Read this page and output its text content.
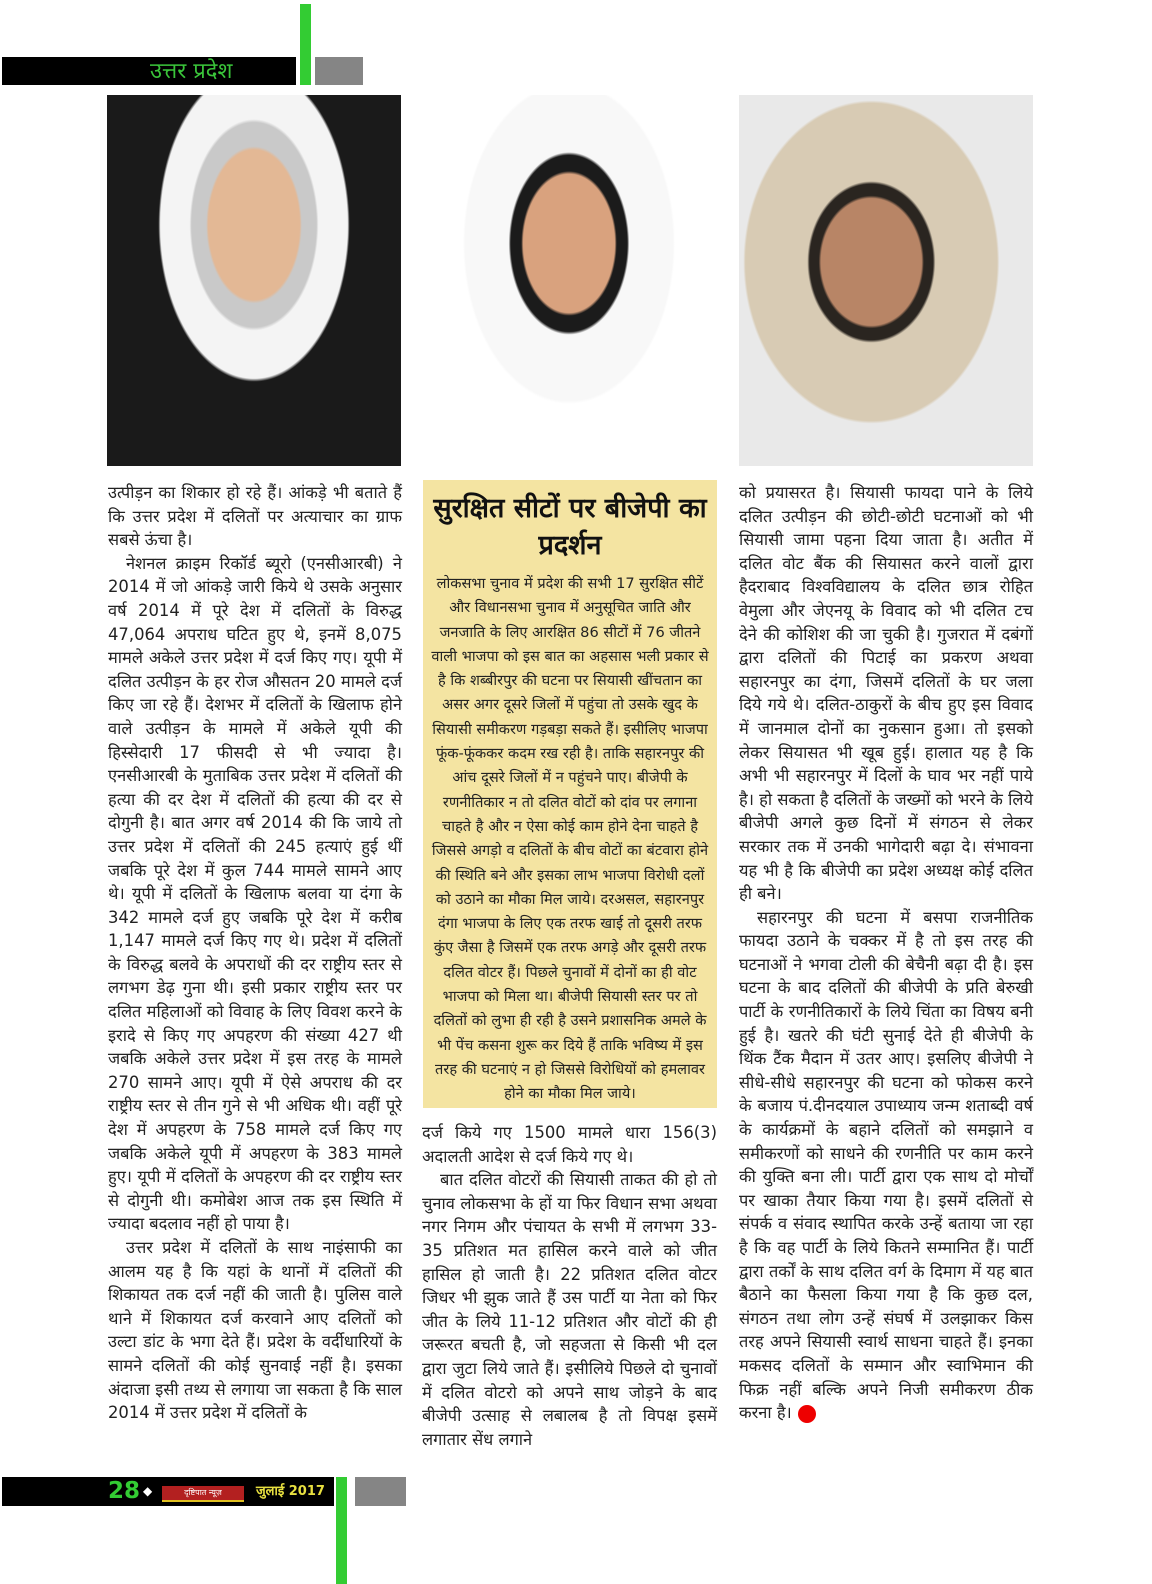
उत्तर प्रदेश

उत्पीड़न का शिकार हो रहे हैं। आंकड़े भी बताते हैं कि उत्तर प्रदेश में दलितों पर अत्याचार का ग्राफ सबसे ऊंचा है।

नेशनल क्राइम रिकॉर्ड ब्यूरो (एनसीआरबी) ने 2014 में जो आंकड़े जारी किये थे उसके अनुसार वर्ष 2014 में पूरे देश में दलितों के विरुद्ध 47,064 अपराध घटित हुए थे, इनमें 8,075 मामले अकेले उत्तर प्रदेश में दर्ज किए गए। यूपी में दलित उत्पीड़न के हर रोज औसतन 20 मामले दर्ज किए जा रहे हैं। देशभर में दलितों के खिलाफ होने वाले उत्पीड़न के मामले में अकेले यूपी की हिस्सेदारी 17 फीसदी से भी ज्यादा है। एनसीआरबी के मुताबिक उत्तर प्रदेश में दलितों की हत्या की दर देश में दलितों की हत्या की दर से दोगुनी है। बात अगर वर्ष 2014 की कि जाये तो उत्तर प्रदेश में दलितों की 245 हत्याएं हुई थीं जबकि पूरे देश में कुल 744 मामले सामने आए थे। यूपी में दलितों के खिलाफ बलवा या दंगा के 342 मामले दर्ज हुए जबकि पूरे देश में करीब 1,147 मामले दर्ज किए गए थे। प्रदेश में दलितों के विरुद्ध बलवे के अपराधों की दर राष्ट्रीय स्तर से लगभग डेढ़ गुना थी। इसी प्रकार राष्ट्रीय स्तर पर दलित महिलाओं को विवाह के लिए विवश करने के इरादे से किए गए अपहरण की संख्या 427 थी जबकि अकेले उत्तर प्रदेश में इस तरह के मामले 270 सामने आए। यूपी में ऐसे अपराध की दर राष्ट्रीय स्तर से तीन गुने से भी अधिक थी। वहीं पूरे देश में अपहरण के 758 मामले दर्ज किए गए जबकि अकेले यूपी में अपहरण के 383 मामले हुए। यूपी में दलितों के अपहरण की दर राष्ट्रीय स्तर से दोगुनी थी। कमोबेश आज तक इस स्थिति में ज्यादा बदलाव नहीं हो पाया है।

उत्तर प्रदेश में दलितों के साथ नाइंसाफी का आलम यह है कि यहां के थानों में दलितों की शिकायत तक दर्ज नहीं की जाती है। पुलिस वाले थाने में शिकायत दर्ज करवाने आए दलितों को उल्टा डांट के भगा देते हैं। प्रदेश के वर्दीधारियों के सामने दलितों की कोई सुनवाई नहीं है। इसका अंदाजा इसी तथ्य से लगाया जा सकता है कि साल 2014 में उत्तर प्रदेश में दलितों के

सुरक्षित सीटों पर बीजेपी का प्रदर्शन

लोकसभा चुनाव में प्रदेश की सभी 17 सुरक्षित सीटें और विधानसभा चुनाव में अनुसूचित जाति और जनजाति के लिए आरक्षित 86 सीटों में 76 जीतने वाली भाजपा को इस बात का अहसास भली प्रकार से है कि शब्बीरपुर की घटना पर सियासी खींचतान का असर अगर दूसरे जिलों में पहुंचा तो उसके खुद के सियासी समीकरण गड़बड़ा सकते हैं। इसीलिए भाजपा फूंक-फूंककर कदम रख रही है। ताकि सहारनपुर की आंच दूसरे जिलों में न पहुंचने पाए। बीजेपी के रणनीतिकार न तो दलित वोटों को दांव पर लगाना चाहते है और न ऐसा कोई काम होने देना चाहते है जिससे अगड़ो व दलितों के बीच वोटों का बंटवारा होने की स्थिति बने और इसका लाभ भाजपा विरोधी दलों को उठाने का मौका मिल जाये। दरअसल, सहारनपुर दंगा भाजपा के लिए एक तरफ खाई तो दूसरी तरफ कुंए जैसा है जिसमें एक तरफ अगड़े और दूसरी तरफ दलित वोटर हैं। पिछले चुनावों में दोनों का ही वोट भाजपा को मिला था। बीजेपी सियासी स्तर पर तो दलितों को लुभा ही रही है उसने प्रशासनिक अमले के भी पेंच कसना शुरू कर दिये हैं ताकि भविष्य में इस तरह की घटनाएं न हो जिससे विरोधियों को हमलावर होने का मौका मिल जाये।

दर्ज किये गए 1500 मामले धारा 156(3) अदालती आदेश से दर्ज किये गए थे।

बात दलित वोटरों की सियासी ताकत की हो तो चुनाव लोकसभा के हों या फिर विधान सभा अथवा नगर निगम और पंचायत के सभी में लगभग 33-35 प्रतिशत मत हासिल करने वाले को जीत हासिल हो जाती है। 22 प्रतिशत दलित वोटर जिधर भी झुक जाते हैं उस पार्टी या नेता को फिर जीत के लिये 11-12 प्रतिशत और वोटों की ही जरूरत बचती है, जो सहजता से किसी भी दल द्वारा जुटा लिये जाते हैं। इसीलिये पिछले दो चुनावों में दलित वोटरो को अपने साथ जोड़ने के बाद बीजेपी उत्साह से लबालब है तो विपक्ष इसमें लगातार सेंध लगाने

को प्रयासरत है। सियासी फायदा पाने के लिये दलित उत्पीड़न की छोटी-छोटी घटनाओं को भी सियासी जामा पहना दिया जाता है। अतीत में दलित वोट बैंक की सियासत करने वालों द्वारा हैदराबाद विश्वविद्यालय के दलित छात्र रोहित वेमुला और जेएनयू के विवाद को भी दलित टच देने की कोशिश की जा चुकी है। गुजरात में दबंगों द्वारा दलितों की पिटाई का प्रकरण अथवा सहारनपुर का दंगा, जिसमें दलितों के घर जला दिये गये थे। दलित-ठाकुरों के बीच हुए इस विवाद में जानमाल दोनों का नुकसान हुआ। तो इसको लेकर सियासत भी खूब हुई। हालात यह है कि अभी भी सहारनपुर में दिलों के घाव भर नहीं पाये है। हो सकता है दलितों के जख्मों को भरने के लिये बीजेपी अगले कुछ दिनों में संगठन से लेकर सरकार तक में उनकी भागेदारी बढ़ा दे। संभावना यह भी है कि बीजेपी का प्रदेश अध्यक्ष कोई दलित ही बने।

सहारनपुर की घटना में बसपा राजनीतिक फायदा उठाने के चक्कर में है तो इस तरह की घटनाओं ने भगवा टोली की बेचैनी बढ़ा दी है। इस घटना के बाद दलितों की बीजेपी के प्रति बेरुखी पार्टी के रणनीतिकारों के लिये चिंता का विषय बनी हुई है। खतरे की घंटी सुनाई देते ही बीजेपी के थिंक टैंक मैदान में उतर आए। इसलिए बीजेपी ने सीधे-सीधे सहारनपुर की घटना को फोकस करने के बजाय पं.दीनदयाल उपाध्याय जन्म शताब्दी वर्ष के कार्यक्रमों के बहाने दलितों को समझाने व समीकरणों को साधने की रणनीति पर काम करने की युक्ति बना ली। पार्टी द्वारा एक साथ दो मोर्चों पर खाका तैयार किया गया है। इसमें दलितों से संपर्क व संवाद स्थापित करके उन्हें बताया जा रहा है कि वह पार्टी के लिये कितने सम्मानित हैं। पार्टी द्वारा तर्कों के साथ दलित वर्ग के दिमाग में यह बात बैठाने का फैसला किया गया है कि कुछ दल, संगठन तथा लोग उन्हें संघर्ष में उलझाकर किस तरह अपने सियासी स्वार्थ साधना चाहते हैं। इनका मकसद दलितों के सम्मान और स्वाभिमान की फिक्र नहीं बल्कि अपने निजी समीकरण ठीक करना है।

28 ◆	दृष्टिपात न्यूज़	जुलाई 2017
